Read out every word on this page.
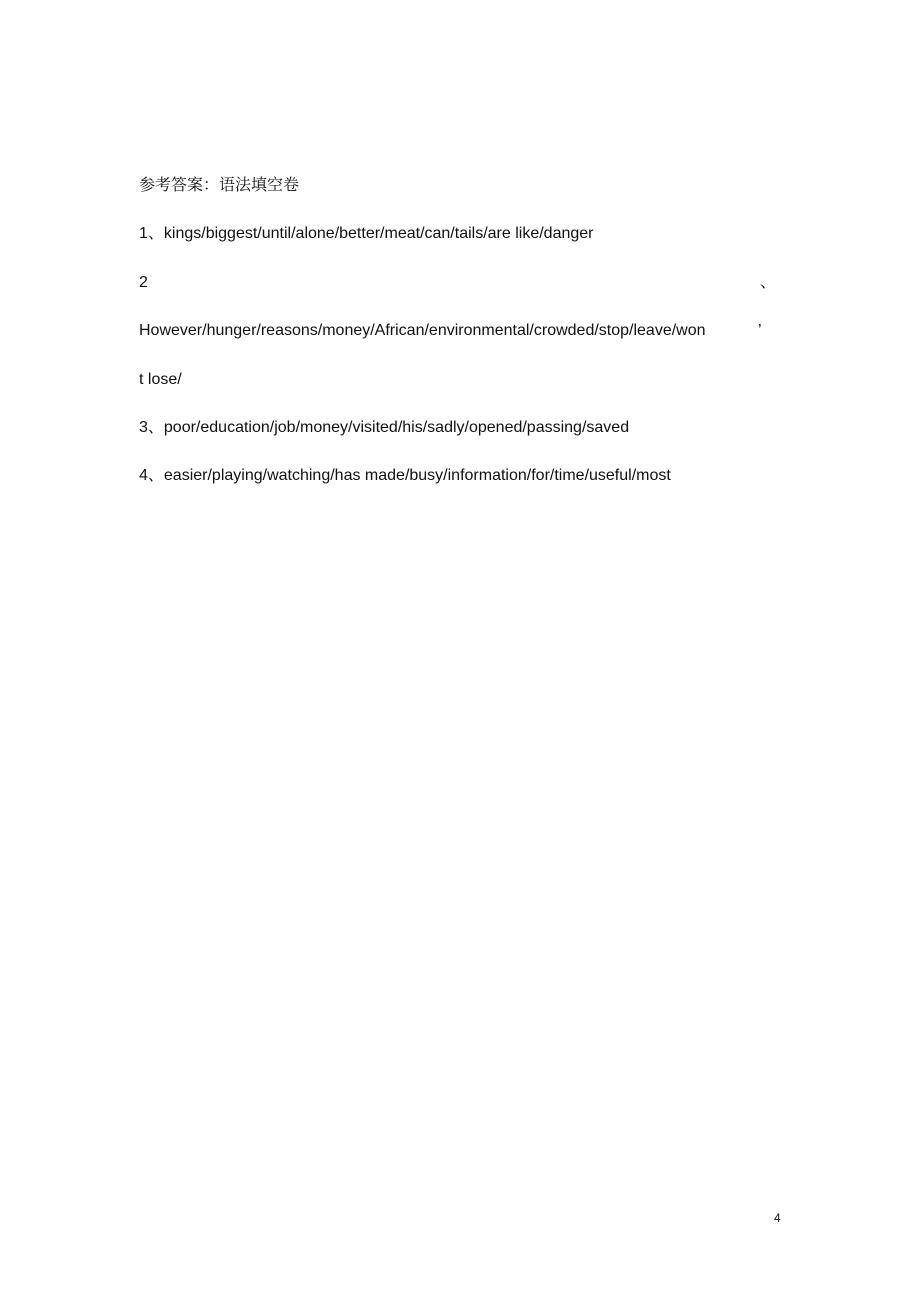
参考答案：语法填空卷
1、kings/biggest/until/alone/better/meat/can/tails/are like/danger
2	、
However/hunger/reasons/money/African/environmental/crowded/stop/leave/won	’
t lose/
3、poor/education/job/money/visited/his/sadly/opened/passing/saved
4、easier/playing/watching/has made/busy/information/for/time/useful/most
4
